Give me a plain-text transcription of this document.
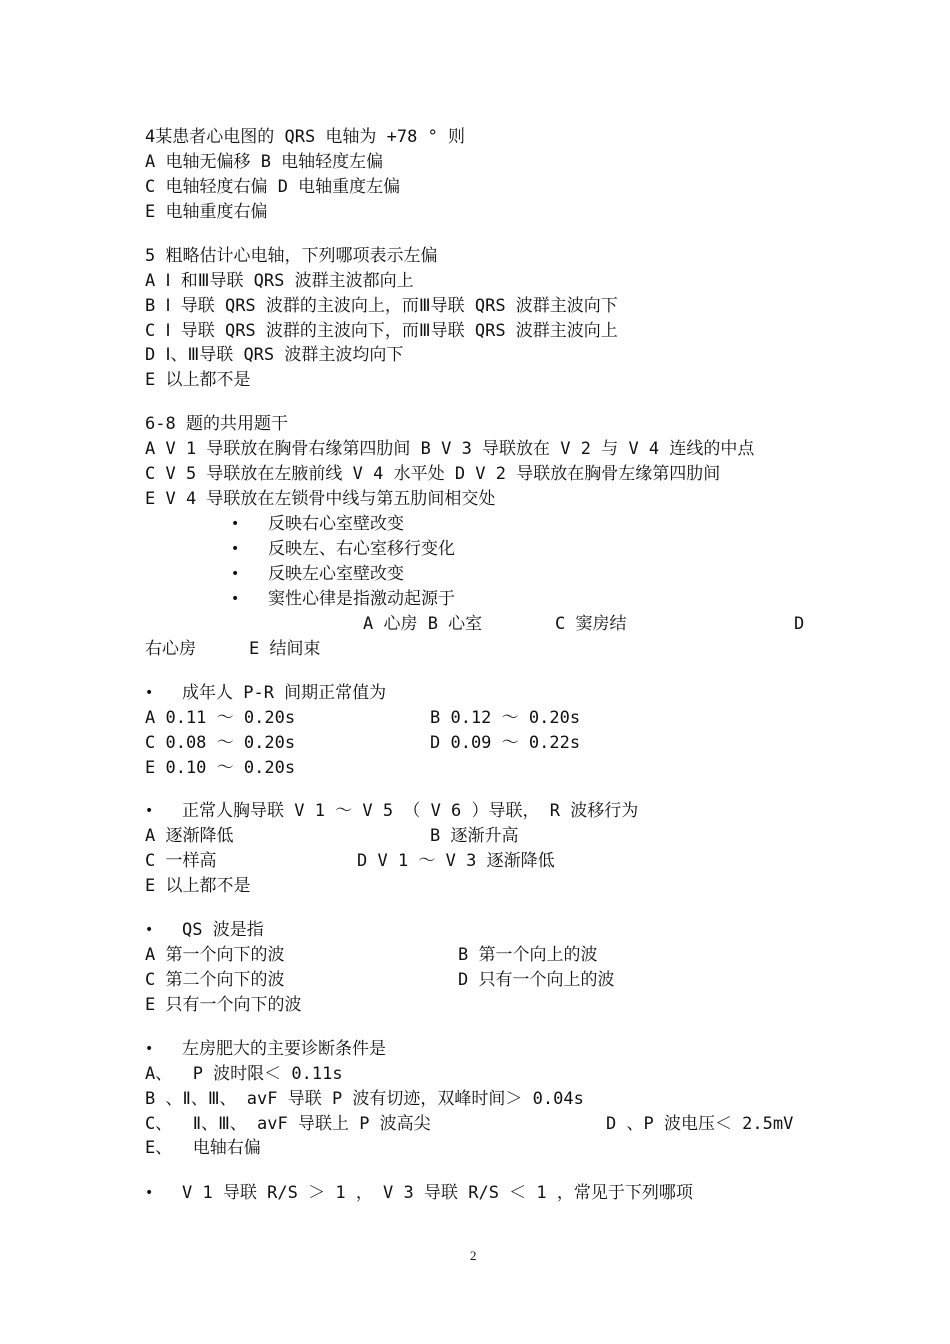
4某患者心电图的 QRS 电轴为 +78 ° 则
A 电轴无偏移 B 电轴轻度左偏
C 电轴轻度右偏 D 电轴重度左偏
E 电轴重度右偏
5 粗略估计心电轴，下列哪项表示左偏
A Ⅰ 和Ⅲ导联 QRS 波群主波都向上
B Ⅰ 导联 QRS 波群的主波向上，而Ⅲ导联 QRS 波群主波向下
C Ⅰ 导联 QRS 波群的主波向下，而Ⅲ导联 QRS 波群主波向上
D Ⅰ、Ⅲ导联 QRS 波群主波均向下
E 以上都不是
6-8 题的共用题干
A V 1 导联放在胸骨右缘第四肋间 B V 3 导联放在 V 2 与 V 4 连线的中点
C V 5 导联放在左腋前线 V 4 水平处 D V 2 导联放在胸骨左缘第四肋间
E V 4 导联放在左锁骨中线与第五肋间相交处
• 反映右心室壁改变
• 反映左、右心室移行变化
• 反映左心室壁改变
• 窦性心律是指激动起源于
A 心房 B 心室	C 窦房结	D
右心房	E 结间束
• 成年人 P-R 间期正常值为
A 0.11 ～ 0.20s	B 0.12 ～ 0.20s
C 0.08 ～ 0.20s	D 0.09 ～ 0.22s
E 0.10 ～ 0.20s
• 正常人胸导联 V 1 ～ V 5 （ V 6 ）导联， R 波移行为
A 逐渐降低	B 逐渐升高
C 一样高	D V 1 ～ V 3 逐渐降低
E 以上都不是
• QS 波是指
A 第一个向下的波	B 第一个向上的波
C 第二个向下的波	D 只有一个向上的波
E 只有一个向下的波
• 左房肥大的主要诊断条件是
A、  P 波时限＜ 0.11s
B 、Ⅱ、Ⅲ、 avF 导联 P 波有切迹，双峰时间＞ 0.04s
C、  Ⅱ、Ⅲ、 avF 导联上 P 波高尖	D 、P 波电压＜ 2.5mV
E、  电轴右偏
• V 1 导联 R/S ＞ 1 ， V 3 导联 R/S ＜ 1 ，常见于下列哪项
2
